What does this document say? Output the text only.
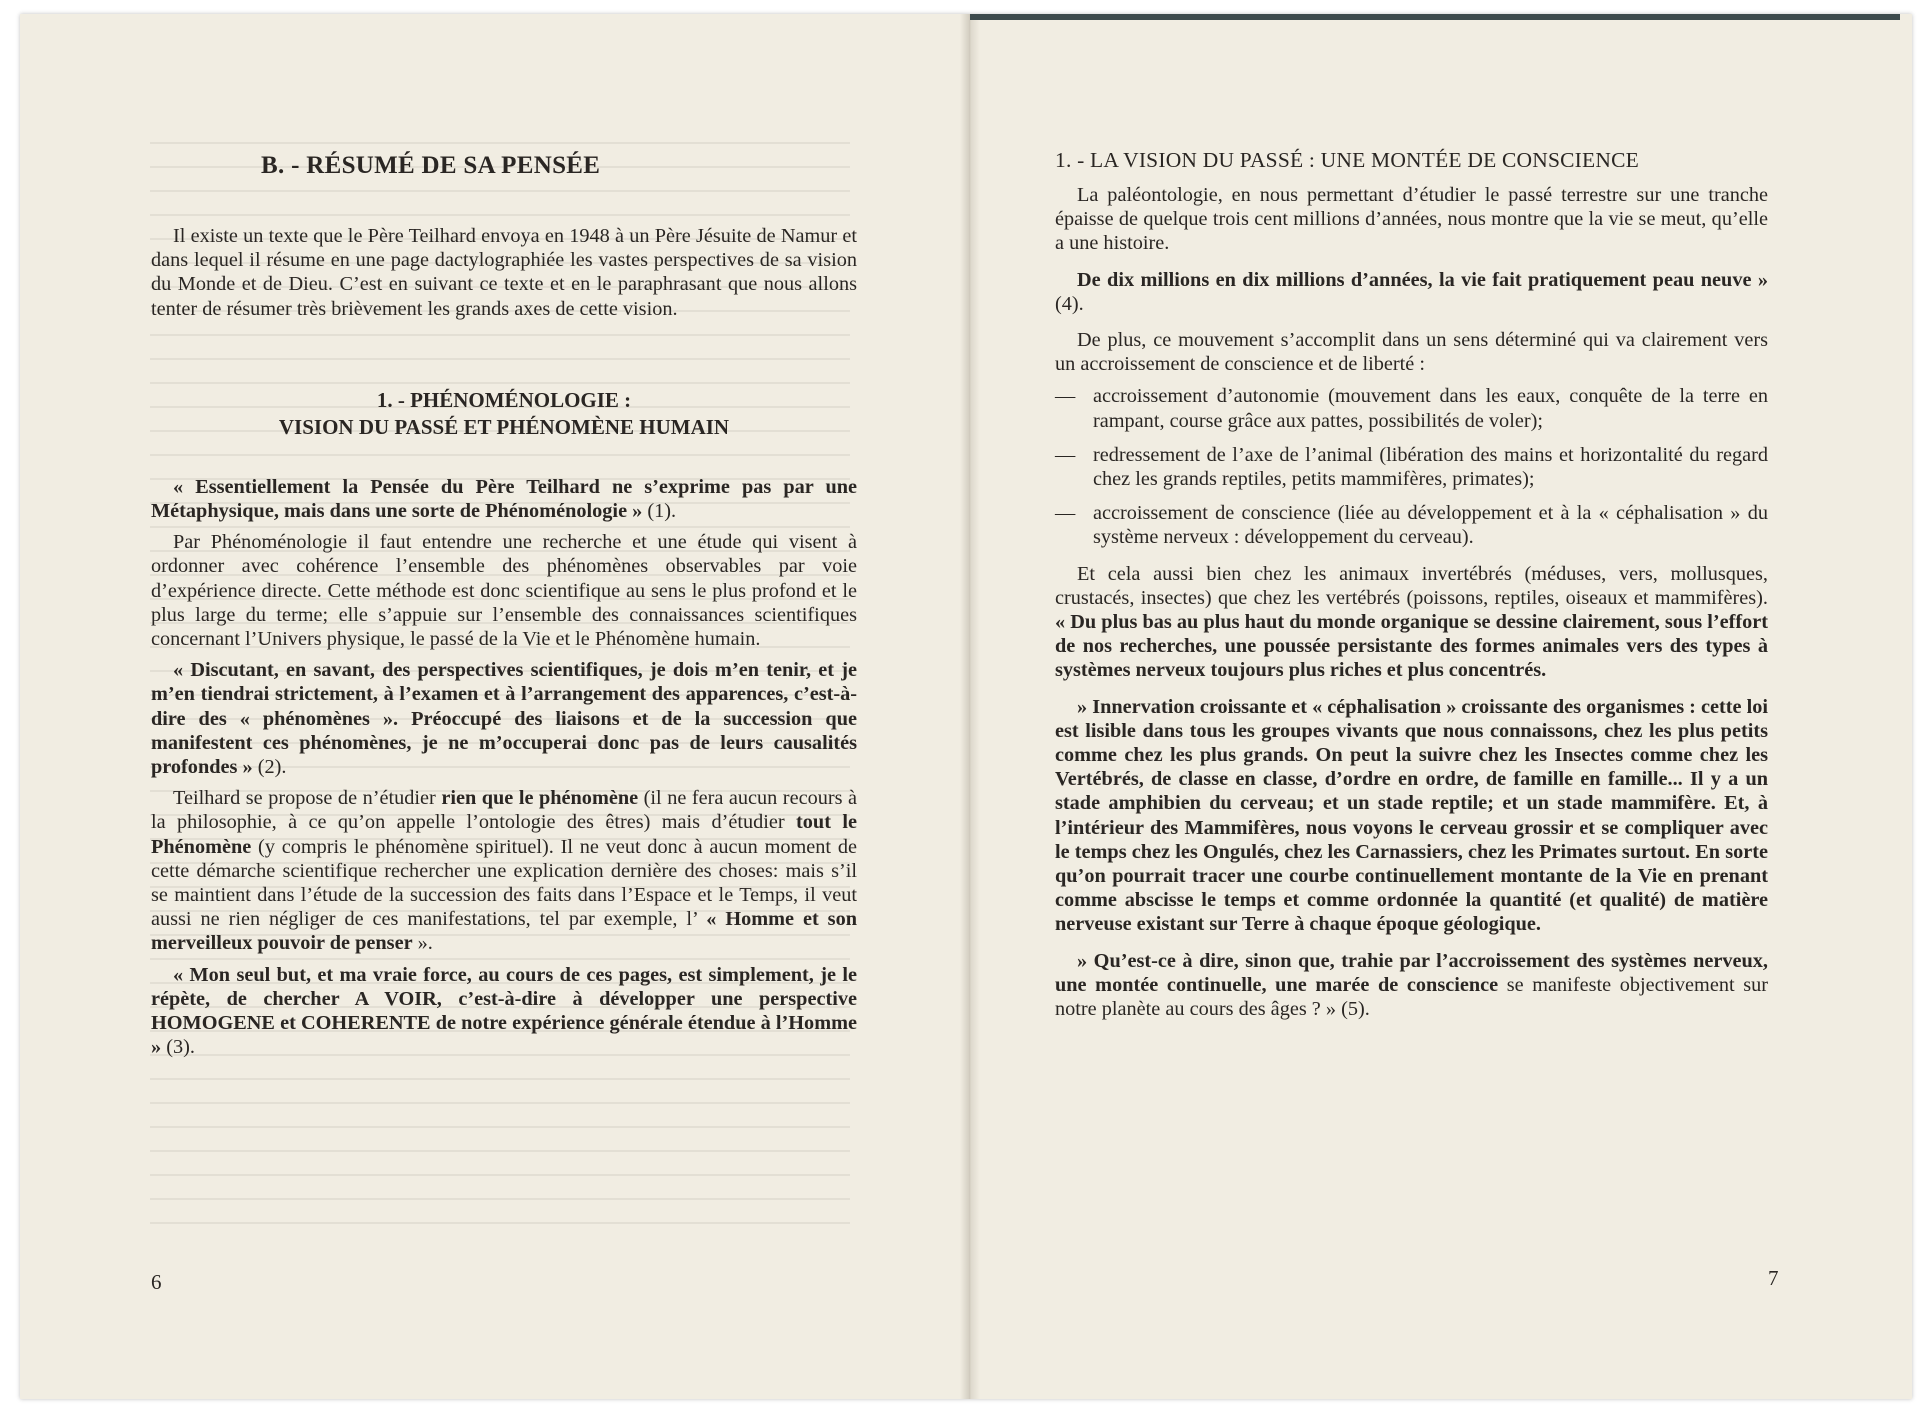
B. - RÉSUMÉ DE SA PENSÉE

Il existe un texte que le Père Teilhard envoya en 1948 à un Père Jésuite de Namur et dans lequel il résume en une page dactylographiée les vastes perspectives de sa vision du Monde et de Dieu. C’est en suivant ce texte et en le paraphrasant que nous allons tenter de résumer très brièvement les grands axes de cette vision.

1. - PHÉNOMÉNOLOGIE :
VISION DU PASSÉ ET PHÉNOMÈNE HUMAIN

« Essentiellement la Pensée du Père Teilhard ne s’exprime pas par une Métaphysique, mais dans une sorte de Phénoménologie » (1).

Par Phénoménologie il faut entendre une recherche et une étude qui visent à ordonner avec cohérence l’ensemble des phénomènes observables par voie d’expérience directe. Cette méthode est donc scientifique au sens le plus profond et le plus large du terme; elle s’appuie sur l’ensemble des connaissances scientifiques concernant l’Univers physique, le passé de la Vie et le Phénomène humain.

« Discutant, en savant, des perspectives scientifiques, je dois m’en tenir, et je m’en tiendrai strictement, à l’examen et à l’arrangement des apparences, c’est-à-dire des « phénomènes ». Préoccupé des liaisons et de la succession que manifestent ces phénomènes, je ne m’occuperai donc pas de leurs causalités profondes » (2).

Teilhard se propose de n’étudier rien que le phénomène (il ne fera aucun recours à la philosophie, à ce qu’on appelle l’ontologie des êtres) mais d’étudier tout le Phénomène (y compris le phénomène spirituel). Il ne veut donc à aucun moment de cette démarche scientifique rechercher une explication dernière des choses: mais s’il se maintient dans l’étude de la succession des faits dans l’Espace et le Temps, il veut aussi ne rien négliger de ces manifestations, tel par exemple, l’ « Homme et son merveilleux pouvoir de penser ».

« Mon seul but, et ma vraie force, au cours de ces pages, est simplement, je le répète, de chercher A VOIR, c’est-à-dire à développer une perspective HOMOGENE et COHERENTE de notre expérience générale étendue à l’Homme » (3).

6
1. - LA VISION DU PASSÉ : UNE MONTÉE DE CONSCIENCE

La paléontologie, en nous permettant d’étudier le passé terrestre sur une tranche épaisse de quelque trois cent millions d’années, nous montre que la vie se meut, qu’elle a une histoire.

De dix millions en dix millions d’années, la vie fait pratiquement peau neuve » (4).

De plus, ce mouvement s’accomplit dans un sens déterminé qui va clairement vers un accroissement de conscience et de liberté :

— accroissement d’autonomie (mouvement dans les eaux, conquête de la terre en rampant, course grâce aux pattes, possibilités de voler);
— redressement de l’axe de l’animal (libération des mains et horizontalité du regard chez les grands reptiles, petits mammifères, primates);
— accroissement de conscience (liée au développement et à la « céphalisation » du système nerveux : développement du cerveau).

Et cela aussi bien chez les animaux invertébrés (méduses, vers, mollusques, crustacés, insectes) que chez les vertébrés (poissons, reptiles, oiseaux et mammifères). « Du plus bas au plus haut du monde organique se dessine clairement, sous l’effort de nos recherches, une poussée persistante des formes animales vers des types à systèmes nerveux toujours plus riches et plus concentrés.

» Innervation croissante et « céphalisation » croissante des organismes : cette loi est lisible dans tous les groupes vivants que nous connaissons, chez les plus petits comme chez les plus grands. On peut la suivre chez les Insectes comme chez les Vertébrés, de classe en classe, d’ordre en ordre, de famille en famille... Il y a un stade amphibien du cerveau; et un stade reptile; et un stade mammifère. Et, à l’intérieur des Mammifères, nous voyons le cerveau grossir et se compliquer avec le temps chez les Ongulés, chez les Carnassiers, chez les Primates surtout. En sorte qu’on pourrait tracer une courbe continuellement montante de la Vie en prenant comme abscisse le temps et comme ordonnée la quantité (et qualité) de matière nerveuse existant sur Terre à chaque époque géologique.

» Qu’est-ce à dire, sinon que, trahie par l’accroissement des systèmes nerveux, une montée continuelle, une marée de conscience se manifeste objectivement sur notre planète au cours des âges ? » (5).

7
